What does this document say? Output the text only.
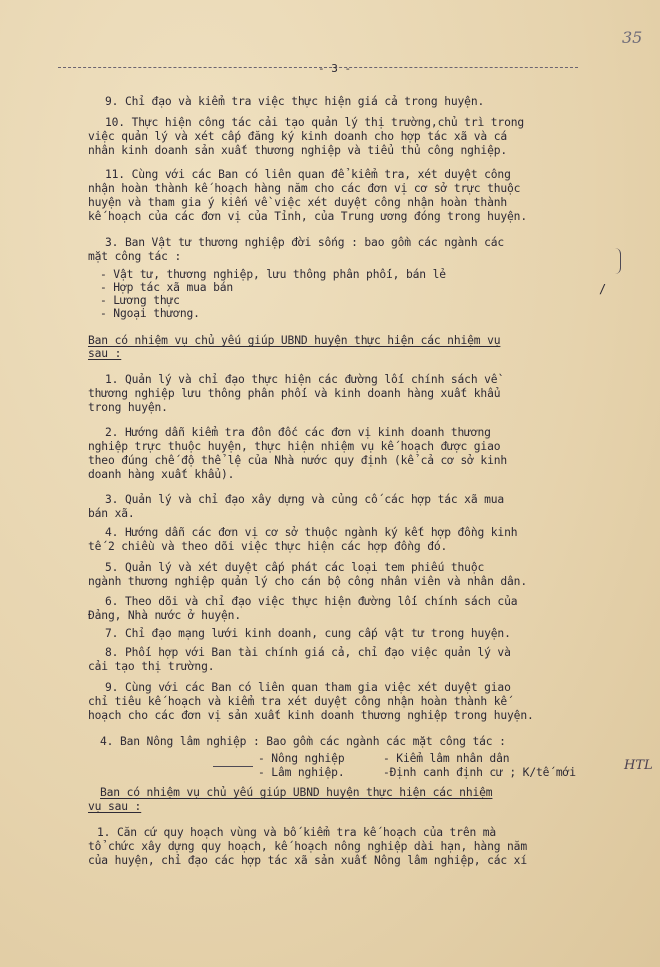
35
- 3 -
9. Chỉ đạo và kiểm tra việc thực hiện giá cả trong huyện.
10. Thực hiện công tác cải tạo quản lý thị trường,chủ trì trong
việc quản lý và xét cấp đăng ký kinh doanh cho hợp tác xã và cá
nhân kinh doanh sản xuất thương nghiệp và tiểu thủ công nghiệp.
11. Cùng với các Ban có liên quan để kiểm tra, xét duyệt công
nhận hoàn thành kế hoạch hàng năm cho các đơn vị cơ sở trực thuộc
huyện và tham gia ý kiến về việc xét duyệt công nhận hoàn thành
kế hoạch của các đơn vị của Tỉnh, của Trung ương đóng trong huyện.
3. Ban Vật tư thương nghiệp đời sống : bao gồm các ngành các
mặt công tác :
- Vật tư, thương nghiệp, lưu thông phân phối, bán lẻ
- Hợp tác xã mua bán
- Lương thực
- Ngoại thương.
/
Ban có nhiệm vụ chủ yếu giúp UBND huyện thực hiện các nhiệm vụ
sau :
1. Quản lý và chỉ đạo thực hiện các đường lối chính sách về
thương nghiệp lưu thông phân phối và kinh doanh hàng xuất khẩu
trong huyện.
2. Hướng dẫn kiểm tra đôn đốc các đơn vị kinh doanh thương
nghiệp trực thuộc huyện, thực hiện nhiệm vụ kế hoạch được giao
theo đúng chế độ thể lệ của Nhà nước quy định (kể cả cơ sở kinh
doanh hàng xuất khẩu).
3. Quản lý và chỉ đạo xây dựng và củng cố các hợp tác xã mua
bán xã.
4. Hướng dẫn các đơn vị cơ sở thuộc ngành ký kết hợp đồng kinh
tế 2 chiều và theo dõi việc thực hiện các hợp đồng đó.
5. Quản lý và xét duyệt cấp phát các loại tem phiếu thuộc
ngành thương nghiệp quản lý cho cán bộ công nhân viên và nhân dân.
6. Theo dõi và chỉ đạo việc thực hiện đường lối chính sách của
Đảng, Nhà nước ở huyện.
7. Chỉ đạo mạng lưới kinh doanh, cung cấp vật tư trong huyện.
8. Phối hợp với Ban tài chính giá cả, chỉ đạo việc quản lý và
cải tạo thị trường.
9. Cùng với các Ban có liên quan tham gia việc xét duyệt giao
chỉ tiêu kế hoạch và kiểm tra xét duyệt công nhận hoàn thành kế
hoạch cho các đơn vị sản xuất kinh doanh thương nghiệp trong huyện.
4. Ban Nông lâm nghiệp : Bao gồm các ngành các mặt công tác :
- Nông nghiệp	- Kiểm lâm nhân dân
- Lâm nghiệp.	-Định canh định cư ; K/tế mới	HTL
Ban có nhiệm vụ chủ yếu giúp UBND huyện thực hiện các nhiệm
vụ sau :
1. Căn cứ quy hoạch vùng và bố kiểm tra kế hoạch của trên mà
tổ chức xây dựng quy hoạch, kế hoạch nông nghiệp dài hạn, hàng năm
của huyện, chỉ đạo các hợp tác xã sản xuất Nông lâm nghiệp, các xí
